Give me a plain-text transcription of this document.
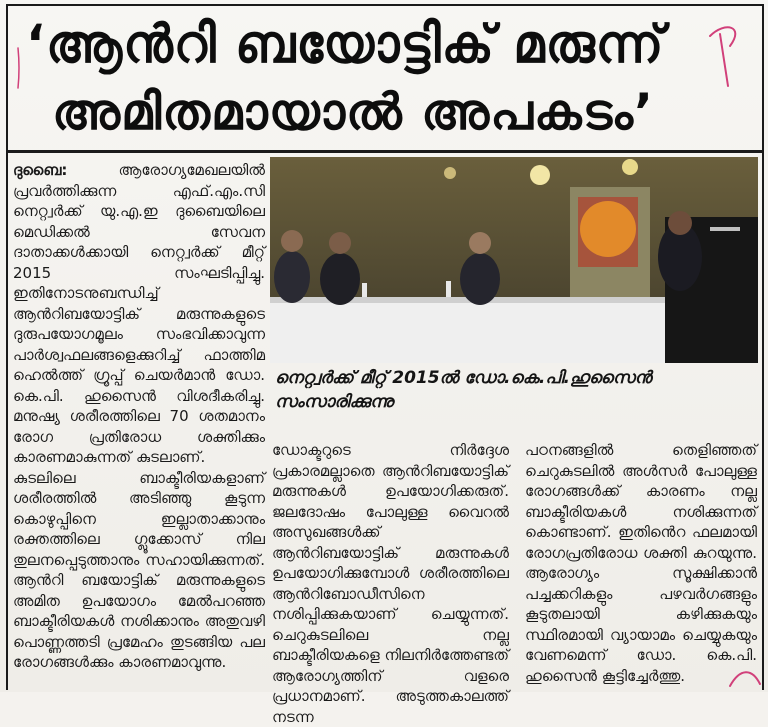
‘ആൻറി ബയോട്ടിക് മരുന്ന്
അമിതമായാൽ അപകടം’

ദുബൈ:	ആരോഗ്യമേഖലയിൽ പ്രവർത്തിക്കുന്ന എഫ്.എം.സി നെറ്റ്വർക്ക് യു.എ.ഇ ദുബൈയിലെ മെഡിക്കൽ സേവന ദാതാക്കൾക്കായി നെറ്റ്വർക്ക് മീറ്റ് 2015 സംഘടിപ്പിച്ചു. ഇതിനോടനുബന്ധിച്ച് ആൻറിബയോട്ടിക് മരുന്നുകളുടെ ദുരുപയോഗമൂലം സംഭവിക്കാവുന്ന പാർശ്വഫലങ്ങളെക്കുറിച്ച് ഫാത്തിമ ഹെൽത്ത് ഗ്രൂപ്പ് ചെയർമാൻ ഡോ. കെ.പി. ഹുസൈൻ വിശദീകരിച്ചു. മനുഷ്യ ശരീരത്തിലെ 70 ശതമാനം രോഗ പ്രതിരോധ ശക്തിക്കും കാരണമാകുന്നത് കുടലാണ്.

കുടലിലെ ബാക്ടീരിയകളാണ് ശരീരത്തിൽ അടിഞ്ഞു കൂടുന്ന കൊഴുപ്പിനെ ഇല്ലാതാക്കാനും രക്തത്തിലെ ഗ്ലൂക്കോസ് നില തുലനപ്പെടുത്താനും സഹായിക്കുന്നത്. ആൻറി ബയോട്ടിക് മരുന്നുകളുടെ അമിത ഉപയോഗം മേൽപറഞ്ഞ ബാക്ടീരിയകൾ നശിക്കാനും അതുവഴി പൊണ്ണത്തടി പ്രമേഹം തുടങ്ങിയ പല രോഗങ്ങൾക്കും കാരണമാവുന്നു.

നെറ്റ്വർക്ക് മീറ്റ് 2015ൽ ഡോ.കെ.പി.ഹുസൈൻ സംസാരിക്കുന്നു
ഡോക്ടറുടെ നിർദ്ദേശ പ്രകാരമല്ലാതെ ആൻറിബയോട്ടിക് മരുന്നുകൾ ഉപയോഗിക്കരുത്. ജലദോഷം പോലുള്ള വൈറൽ അസുഖങ്ങൾക്ക് ആൻറിബയോട്ടിക് മരുന്നുകൾ ഉപയോഗിക്കുമ്പോൾ ശരീരത്തിലെ ആൻറിബോഡീസിനെ നശിപ്പിക്കുകയാണ് ചെയ്യുന്നത്. ചെറുകുടലിലെ നല്ല ബാക്ടീരിയകളെ നിലനിർത്തേണ്ടത് ആരോഗ്യത്തിന് വളരെ പ്രധാനമാണ്. അടുത്തകാലത്ത് നടന്ന
പഠനങ്ങളിൽ തെളിഞ്ഞത് ചെറുകുടലിൽ അൾസർ പോലുള്ള രോഗങ്ങൾക്ക് കാരണം നല്ല ബാക്ടീരിയകൾ നശിക്കുന്നത് കൊണ്ടാണ്. ഇതിൻെറ ഫലമായി രോഗപ്രതിരോധ ശക്തി കുറയുന്നു. ആരോഗ്യം സൂക്ഷിക്കാൻ പച്ചക്കറികളും പഴവർഗങ്ങളും കൂടുതലായി കഴിക്കുകയും സ്ഥിരമായി വ്യായാമം ചെയ്യുകയും വേണമെന്ന് ഡോ. കെ.പി. ഹുസൈൻ കൂട്ടിച്ചേർത്തു.
